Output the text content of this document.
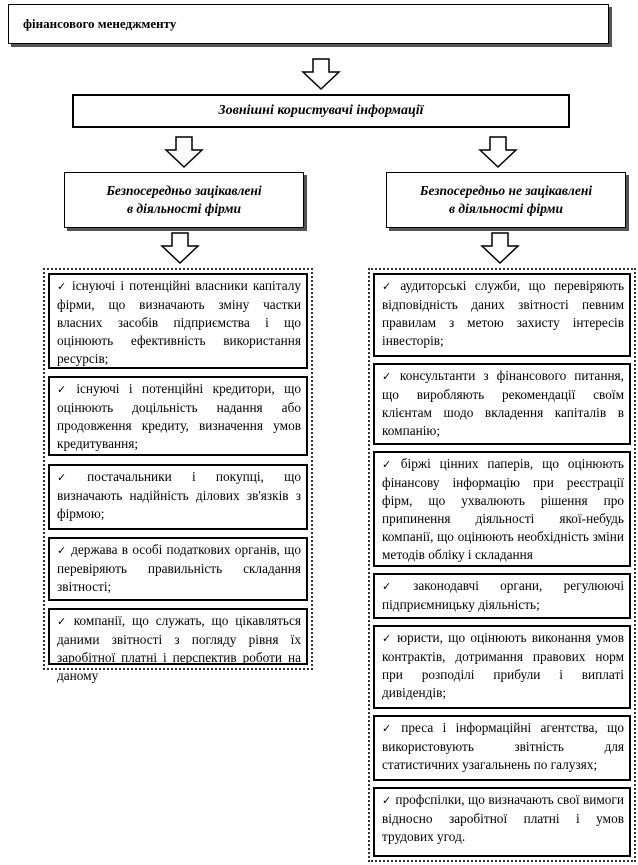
фінансового менеджменту
Зовнішні користувачі інформації
Безпосередньо зацікавлені
в діяльності фірми
Безпосередньо не зацікавлені
в діяльності фірми
✓ існуючі і потенційні власники капіталу фірми, що визначають зміну частки власних засобів підприємства і що оцінюють ефективність використання ресурсів;
✓ існуючі і потенційні кредитори, що оцінюють доцільність надання або продовження кредиту, визначення умов кредитування;
✓ постачальники і покупці, що визначають надійність ділових зв'язків з фірмою;
✓ держава в особі податкових органів, що перевіряють правильність складання звітності;
✓ компанії, що служать, що цікавляться даними звітності з погляду рівня їх заробітної платні і перспектив роботи на даному
✓ аудиторські служби, що перевіряють відповідність даних звітності певним правилам з метою захисту інтересів інвесторів;
✓ консультанти з фінансового питання, що виробляють рекомендації своїм клієнтам шодо вкладення капіталів в компанію;
✓ біржі цінних паперів, що оцінюють фінансову інформацію при реєстрації фірм, що ухвалюють рішення про припинення діяльності якої-небудь компанії, що оцінюють необхідність зміни методів обліку і складання
✓ законодавчі органи, регулюючі підприємницьку діяльність;
✓ юристи, що оцінюють виконання умов контрактів, дотримання правових норм при розподілі прибули і виплаті дивідендів;
✓ преса і інформаційні агентства, що використовують звітність для статистичних узагальнень по галузях;
✓ профспілки, що визначають свої вимоги відносно заробітної платні і умов трудових угод.
